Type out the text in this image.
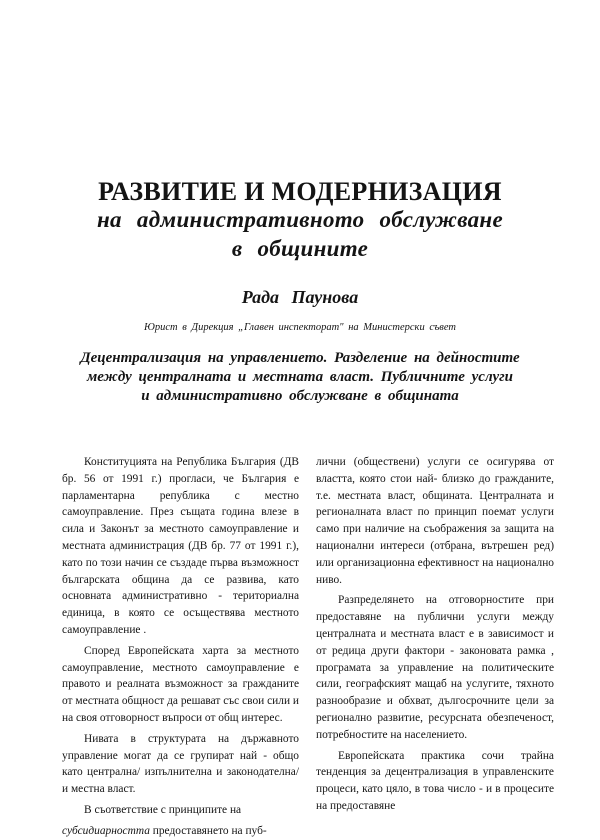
РАЗВИТИЕ И МОДЕРНИЗАЦИЯ
на административното обслужване
в общините
Рада Паунова
Юрист в Дирекция „Главен инспекторат" на Министерски съвет
Децентрализация на управлението. Разделение на дейностите
между централната и местната власт. Публичните услуги
и административно обслужване в общината

Конституцията на Република България (ДВ бр. 56 от 1991 г.) прогласи, че България е парламентарна република с местно самоуправление. През същата година влезе в сила и Законът за местното самоуправление и местната администрация (ДВ бр. 77 от 1991 г.), като по този начин се създаде първа възможност българската община да се развива, като основната административно - териториална единица, в която се осъществява местното самоуправление .

Според Европейската харта за местното самоуправление, местното самоуправление е правото и реалната възможност за гражданите от местната общност да решават със свои сили и на своя отговорност въпроси от общ интерес.

Нивата в структурата на държавното управление могат да се групират най - общо като централна/ изпълнителна и законодателна/ и местна власт.

В съответствие с принципите на

субсидиарността предоставянето на пуб-

лични (обществени) услуги се осигурява от властта, която стои най- близко до гражданите, т.е. местната власт, общината. Централната и регионалната власт по принцип поемат услуги само при наличие на съображения за защита на национални интереси (отбрана, вътрешен ред) или организационна ефективност на национално ниво.

Разпределянето на отговорностите при предоставяне на публични услуги между централната и местната власт е в зависимост и от редица други фактори - законовата рамка , програмата за управление на политическите сили, географският мащаб на услугите, тяхното разнообразие и обхват, дългосрочните цели за регионално развитие, ресурсната обезпеченост, потребностите на населението.

Европейската практика сочи трайна тенденция за децентрализация в управленските процеси, като цяло, в това число - и в процесите на предоставяне
